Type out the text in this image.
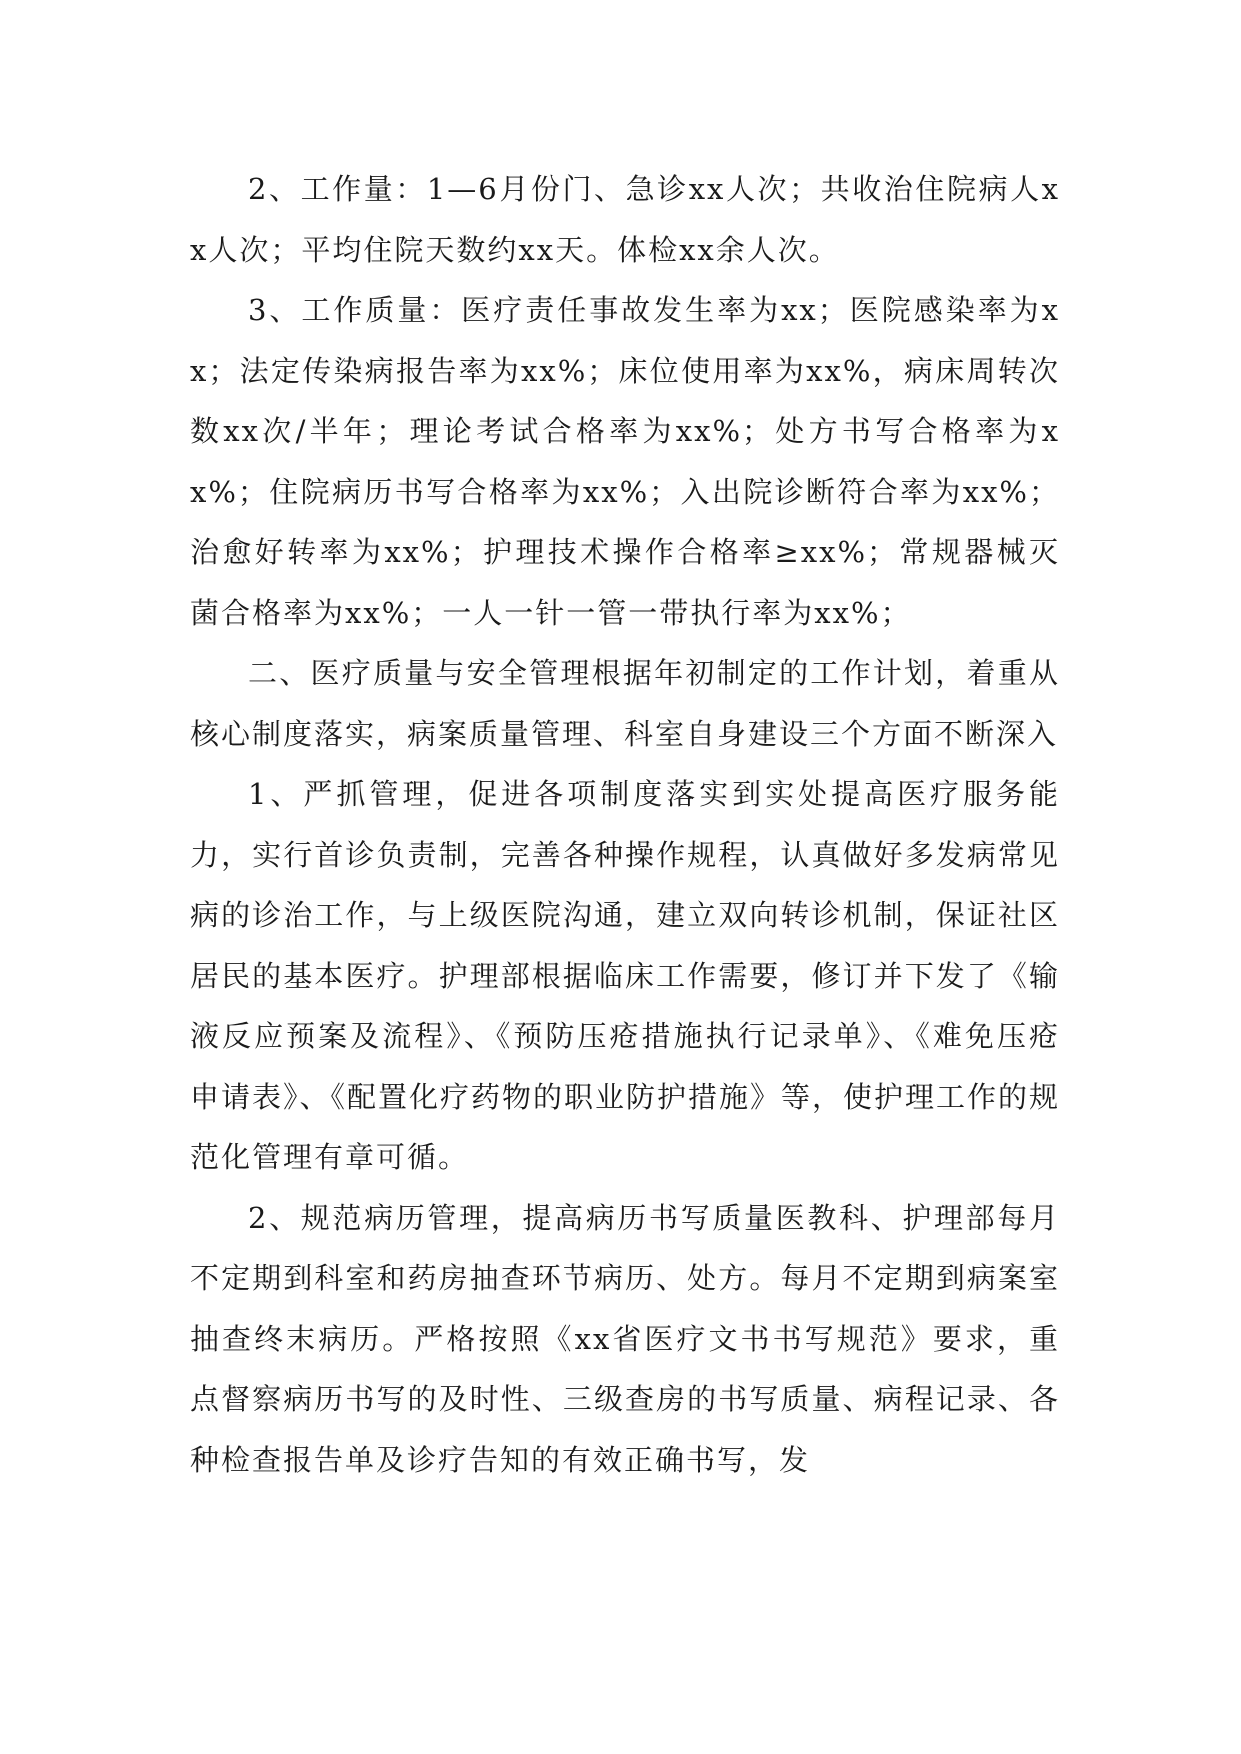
2、工作量：1—6月份门、急诊xx人次；共收治住院病人xx人次；平均住院天数约xx天。体检xx余人次。

3、工作质量：医疗责任事故发生率为xx；医院感染率为xx；法定传染病报告率为xx%；床位使用率为xx%，病床周转次数xx次/半年；理论考试合格率为xx%；处方书写合格率为xx%；住院病历书写合格率为xx%；入出院诊断符合率为xx%；治愈好转率为xx%；护理技术操作合格率≥xx%；常规器械灭菌合格率为xx%；一人一针一管一带执行率为xx%；

二、医疗质量与安全管理根据年初制定的工作计划，着重从核心制度落实，病案质量管理、科室自身建设三个方面不断深入

1、严抓管理，促进各项制度落实到实处提高医疗服务能力，实行首诊负责制，完善各种操作规程，认真做好多发病常见病的诊治工作，与上级医院沟通，建立双向转诊机制，保证社区居民的基本医疗。护理部根据临床工作需要，修订并下发了《输液反应预案及流程》、《预防压疮措施执行记录单》、《难免压疮申请表》、《配置化疗药物的职业防护措施》等，使护理工作的规范化管理有章可循。

2、规范病历管理，提高病历书写质量医教科、护理部每月不定期到科室和药房抽查环节病历、处方。每月不定期到病案室抽查终末病历。严格按照《xx省医疗文书书写规范》要求，重点督察病历书写的及时性、三级查房的书写质量、病程记录、各种检查报告单及诊疗告知的有效正确书写，发
